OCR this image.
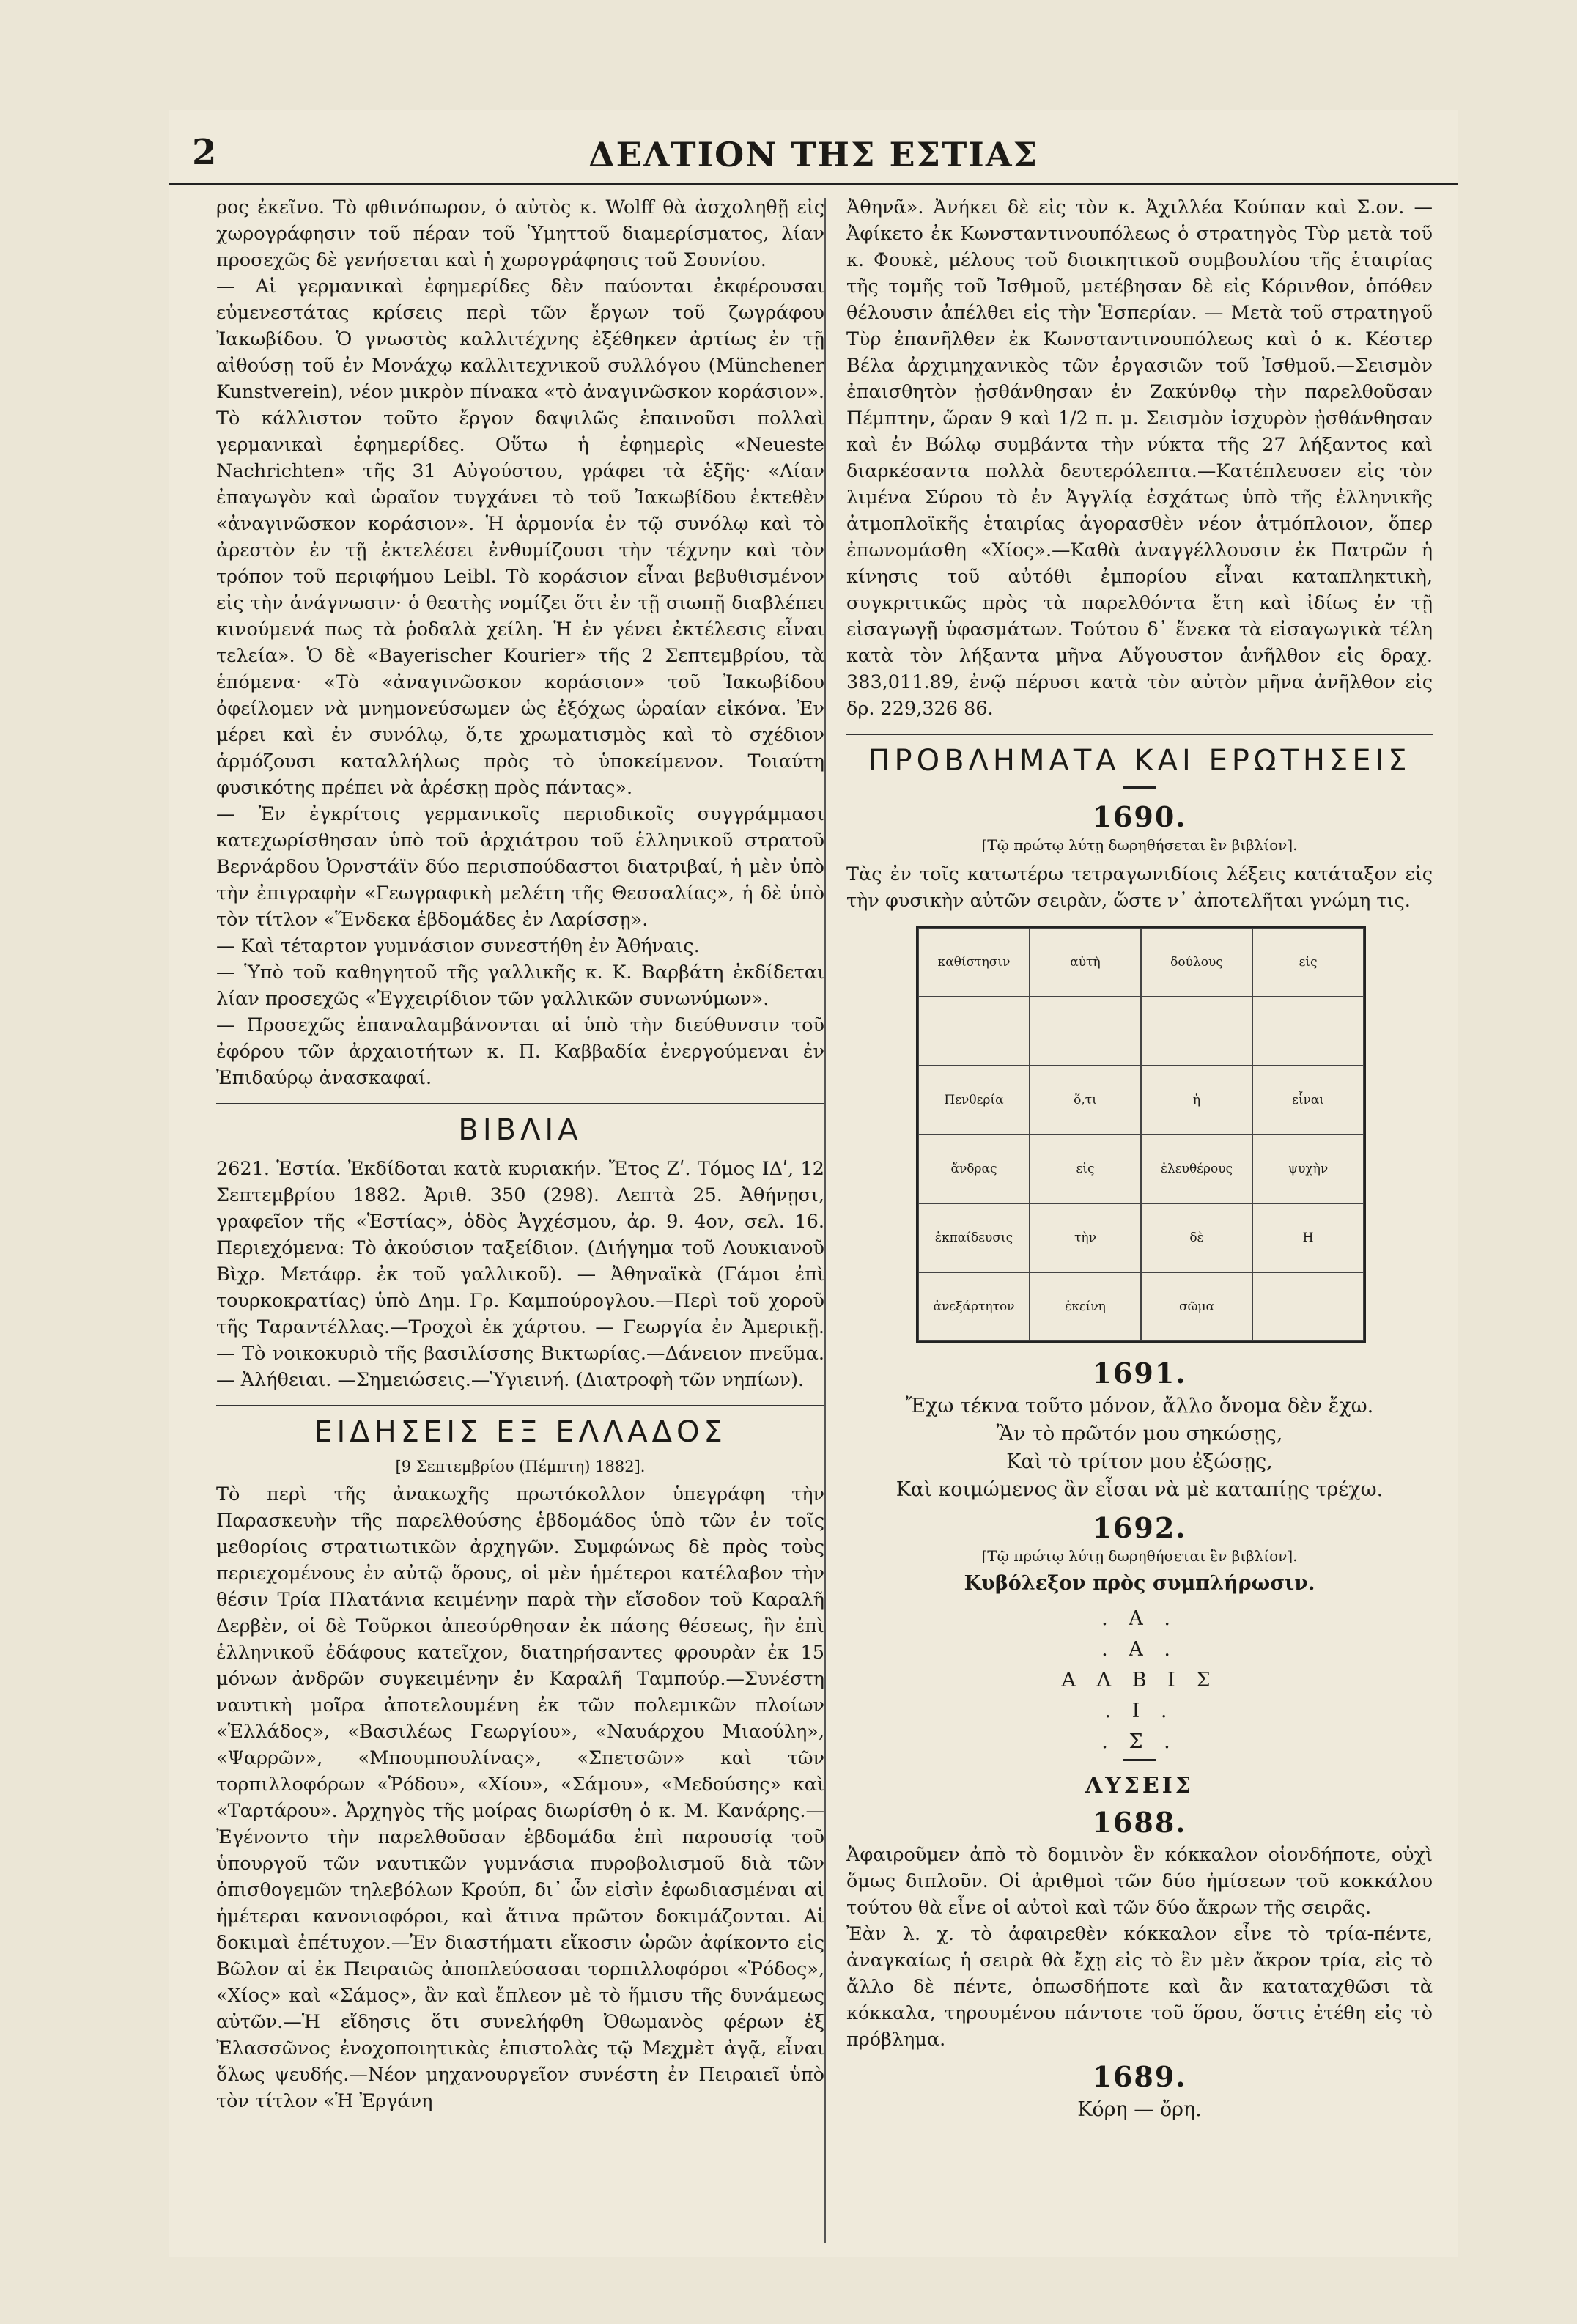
2	ΔΕΛΤΙΟΝ ΤΗΣ ΕΣΤΙΑΣ

ρος ἐκεῖνο. Τὸ φθινόπωρον, ὁ αὐτὸς κ. Wolff θὰ ἀσχοληθῇ εἰς χωρογράφησιν τοῦ πέραν τοῦ Ὑμηττοῦ διαμερίσματος, λίαν προσεχῶς δὲ γενήσεται καὶ ἡ χωρογράφησις τοῦ Σουνίου.

— Αἱ γερμανικαὶ ἐφημερίδες δὲν παύονται ἐκφέρουσαι εὐμενεστάτας κρίσεις περὶ τῶν ἔργων τοῦ ζωγράφου Ἰακωβίδου. Ὁ γνωστὸς καλλιτέχνης ἐξέθηκεν ἀρτίως ἐν τῇ αἰθούσῃ τοῦ ἐν Μονάχῳ καλλιτεχνικοῦ συλλόγου (Münchener Kunstverein), νέον μικρὸν πίνακα «τὸ ἀναγινῶσκον κοράσιον». Τὸ κάλλιστον τοῦτο ἔργον δαψιλῶς ἐπαινοῦσι πολλαὶ γερμανικαὶ ἐφημερίδες. Οὕτω ἡ ἐφημερὶς «Neueste Nachrichten» τῆς 31 Αὐγούστου, γράφει τὰ ἑξῆς· «Λίαν ἐπαγωγὸν καὶ ὡραῖον τυγχάνει τὸ τοῦ Ἰακωβίδου ἐκτεθὲν «ἀναγινῶσκον κοράσιον». Ἡ ἁρμονία ἐν τῷ συνόλῳ καὶ τὸ ἀρεστὸν ἐν τῇ ἐκτελέσει ἐνθυμίζουσι τὴν τέχνην καὶ τὸν τρόπον τοῦ περιφήμου Leibl. Τὸ κοράσιον εἶναι βεβυθισμένον εἰς τὴν ἀνάγνωσιν· ὁ θεατὴς νομίζει ὅτι ἐν τῇ σιωπῇ διαβλέπει κινούμενά πως τὰ ῥοδαλὰ χείλη. Ἡ ἐν γένει ἐκτέλεσις εἶναι τελεία». Ὁ δὲ «Bayerischer Kourier» τῆς 2 Σεπτεμβρίου, τὰ ἑπόμενα· «Τὸ «ἀναγινῶσκον κοράσιον» τοῦ Ἰακωβίδου ὀφείλομεν νὰ μνημονεύσωμεν ὡς ἐξόχως ὡραίαν εἰκόνα. Ἐν μέρει καὶ ἐν συνόλῳ, ὅ,τε χρωματισμὸς καὶ τὸ σχέδιον ἁρμόζουσι καταλλήλως πρὸς τὸ ὑποκείμενον. Τοιαύτη φυσικότης πρέπει νὰ ἀρέσκῃ πρὸς πάντας».

— Ἐν ἐγκρίτοις γερμανικοῖς περιοδικοῖς συγγράμμασι κατεχωρίσθησαν ὑπὸ τοῦ ἀρχιάτρου τοῦ ἑλληνικοῦ στρατοῦ Βερνάρδου Ὀρνστάϊν δύο περισπούδαστοι διατριβαί, ἡ μὲν ὑπὸ τὴν ἐπιγραφὴν «Γεωγραφικὴ μελέτη τῆς Θεσσαλίας», ἡ δὲ ὑπὸ τὸν τίτλον «Ἕνδεκα ἑβδομάδες ἐν Λαρίσσῃ».

— Καὶ τέταρτον γυμνάσιον συνεστήθη ἐν Ἀθήναις.

— Ὑπὸ τοῦ καθηγητοῦ τῆς γαλλικῆς κ. Κ. Βαρβάτη ἐκδίδεται λίαν προσεχῶς «Ἐγχειρίδιον τῶν γαλλικῶν συνωνύμων».

— Προσεχῶς ἐπαναλαμβάνονται αἱ ὑπὸ τὴν διεύθυνσιν τοῦ ἐφόρου τῶν ἀρχαιοτήτων κ. Π. Καββαδία ἐνεργούμεναι ἐν Ἐπιδαύρῳ ἀνασκαφαί.

ΒΙΒΛΙΑ

2621. Ἑστία. Ἐκδίδοται κατὰ κυριακήν. Ἔτος Ζʹ. Τόμος ΙΔʹ, 12 Σεπτεμβρίου 1882. Ἀριθ. 350 (298). Λεπτὰ 25. Ἀθήνῃσι, γραφεῖον τῆς «Ἑστίας», ὁδὸς Ἀγχέσμου, ἀρ. 9. 4ον, σελ. 16. Περιεχόμενα: Τὸ ἀκούσιον ταξείδιον. (Διήγημα τοῦ Λουκιανοῦ Βὶχρ. Μετάφρ. ἐκ τοῦ γαλλικοῦ). — Ἀθηναϊκὰ (Γάμοι ἐπὶ τουρκοκρατίας) ὑπὸ Δημ. Γρ. Καμπούρογλου.—Περὶ τοῦ χοροῦ τῆς Ταραντέλλας.—Τροχοὶ ἐκ χάρτου. — Γεωργία ἐν Ἀμερικῇ. — Τὸ νοικοκυριὸ τῆς βασιλίσσης Βικτωρίας.—Δάνειον πνεῦμα. — Ἀλήθειαι. —Σημειώσεις.—Ὑγιεινή. (Διατροφὴ τῶν νηπίων).

ΕΙΔΗΣΕΙΣ ΕΞ ΕΛΛΑΔΟΣ
[9 Σεπτεμβρίου (Πέμπτη) 1882].

Τὸ περὶ τῆς ἀνακωχῆς πρωτόκολλον ὑπεγράφη τὴν Παρασκευὴν τῆς παρελθούσης ἑβδομάδος ὑπὸ τῶν ἐν τοῖς μεθορίοις στρατιωτικῶν ἀρχηγῶν. Συμφώνως δὲ πρὸς τοὺς περιεχομένους ἐν αὐτῷ ὅρους, οἱ μὲν ἡμέτεροι κατέλαβον τὴν θέσιν Τρία Πλατάνια κειμένην παρὰ τὴν εἴσοδον τοῦ Καραλῆ Δερβὲν, οἱ δὲ Τοῦρκοι ἀπεσύρθησαν ἐκ πάσης θέσεως, ἣν ἐπὶ ἑλληνικοῦ ἐδάφους κατεῖχον, διατηρήσαντες φρουρὰν ἐκ 15 μόνων ἀνδρῶν συγκειμένην ἐν Καραλῆ Ταμπούρ.—Συνέστη ναυτικὴ μοῖρα ἀποτελουμένη ἐκ τῶν πολεμικῶν πλοίων «Ἑλλάδος», «Βασιλέως Γεωργίου», «Ναυάρχου Μιαούλη», «Ψαρρῶν», «Μπουμπουλίνας», «Σπετσῶν» καὶ τῶν τορπιλλοφόρων «Ῥόδου», «Χίου», «Σάμου», «Μεδούσης» καὶ «Ταρτάρου». Ἀρχηγὸς τῆς μοίρας διωρίσθη ὁ κ. Μ. Κανάρης.—Ἐγένοντο τὴν παρελθοῦσαν ἑβδομάδα ἐπὶ παρουσίᾳ τοῦ ὑπουργοῦ τῶν ναυτικῶν γυμνάσια πυροβολισμοῦ διὰ τῶν ὀπισθογεμῶν τηλεβόλων Κρούπ, δι᾽ ὧν εἰσὶν ἐφωδιασμέναι αἱ ἡμέτεραι κανονιοφόροι, καὶ ἅτινα πρῶτον δοκιμάζονται. Αἱ δοκιμαὶ ἐπέτυχον.—Ἐν διαστήματι εἴκοσιν ὡρῶν ἀφίκοντο εἰς Βῶλον αἱ ἐκ Πειραιῶς ἀποπλεύσασαι τορπιλλοφόροι «Ῥόδος», «Χίος» καὶ «Σάμος», ἂν καὶ ἔπλεον μὲ τὸ ἥμισυ τῆς δυνάμεως αὐτῶν.—Ἡ εἴδησις ὅτι συνελήφθη Ὀθωμανὸς φέρων ἐξ Ἐλασσῶνος ἐνοχοποιητικὰς ἐπιστολὰς τῷ Μεχμὲτ ἀγᾷ, εἶναι ὅλως ψευδής.—Νέον μηχανουργεῖον συνέστη ἐν Πειραιεῖ ὑπὸ τὸν τίτλον «Ἡ Ἐργάνη

Ἀθηνᾶ». Ἀνήκει δὲ εἰς τὸν κ. Ἀχιλλέα Κούπαν καὶ Σ.ον. —Ἀφίκετο ἐκ Κωνσταντινουπόλεως ὁ στρατηγὸς Τὺρ μετὰ τοῦ κ. Φουκὲ, μέλους τοῦ διοικητικοῦ συμβουλίου τῆς ἑταιρίας τῆς τομῆς τοῦ Ἰσθμοῦ, μετέβησαν δὲ εἰς Κόρινθον, ὁπόθεν θέλουσιν ἀπέλθει εἰς τὴν Ἑσπερίαν. — Μετὰ τοῦ στρατηγοῦ Τὺρ ἐπανῆλθεν ἐκ Κωνσταντινουπόλεως καὶ ὁ κ. Κέστερ Βέλα ἀρχιμηχανικὸς τῶν ἐργασιῶν τοῦ Ἰσθμοῦ.—Σεισμὸν ἐπαισθητὸν ᾐσθάνθησαν ἐν Ζακύνθῳ τὴν παρελθοῦσαν Πέμπτην, ὥραν 9 καὶ 1/2 π. μ. Σεισμὸν ἰσχυρὸν ᾐσθάνθησαν καὶ ἐν Βώλῳ συμβάντα τὴν νύκτα τῆς 27 λήξαντος καὶ διαρκέσαντα πολλὰ δευτερόλεπτα.—Κατέπλευσεν εἰς τὸν λιμένα Σύρου τὸ ἐν Ἀγγλίᾳ ἐσχάτως ὑπὸ τῆς ἑλληνικῆς ἀτμοπλοϊκῆς ἑταιρίας ἀγορασθὲν νέον ἀτμόπλοιον, ὅπερ ἐπωνομάσθη «Χίος».—Καθὰ ἀναγγέλλουσιν ἐκ Πατρῶν ἡ κίνησις τοῦ αὐτόθι ἐμπορίου εἶναι καταπληκτικὴ, συγκριτικῶς πρὸς τὰ παρελθόντα ἔτη καὶ ἰδίως ἐν τῇ εἰσαγωγῇ ὑφασμάτων. Τούτου δ᾽ ἕνεκα τὰ εἰσαγωγικὰ τέλη κατὰ τὸν λήξαντα μῆνα Αὔγουστον ἀνῆλθον εἰς δραχ. 383,011.89, ἐνῷ πέρυσι κατὰ τὸν αὐτὸν μῆνα ἀνῆλθον εἰς δρ. 229,326 86.

ΠΡΟΒΛΗΜΑΤΑ ΚΑΙ ΕΡΩΤΗΣΕΙΣ
1690.
[Τῷ πρώτῳ λύτῃ δωρηθήσεται ἓν βιβλίον].

Τὰς ἐν τοῖς κατωτέρω τετραγωνιδίοις λέξεις κατάταξον εἰς τὴν φυσικὴν αὐτῶν σειρὰν, ὥστε ν᾽ ἀποτελῆται γνώμη τις.

καθίστησιν	αὐτὴ	δούλους	εἰς
Πενθερία	ὅ,τι	ἡ	εἶναι
ἄνδρας	εἰς	ἐλευθέρους	ψυχὴν
ἐκπαίδευσις	τὴν	δὲ	Η
ἀνεξάρτητον	ἐκείνη	σῶμα
1691.
Ἔχω τέκνα τοῦτο μόνον, ἄλλο ὄνομα δὲν ἔχω.
Ἂν τὸ πρῶτόν μου σηκώσῃς,
Καὶ τὸ τρίτον μου ἐξώσῃς,
Καὶ κοιμώμενος ἂν εἶσαι νὰ μὲ καταπίῃς τρέχω.
1692.
[Τῷ πρώτῳ λύτῃ δωρηθήσεται ἓν βιβλίον].
Κυβόλεξον πρὸς συμπλήρωσιν.
. Α .
. Α .
Α Λ Β Ι Σ
. Ι .
. Σ .
ΛΥΣΕΙΣ
1688.

Ἀφαιροῦμεν ἀπὸ τὸ δομινὸν ἓν κόκκαλον οἱονδήποτε, οὐχὶ ὅμως διπλοῦν. Οἱ ἀριθμοὶ τῶν δύο ἡμίσεων τοῦ κοκκάλου τούτου θὰ εἶνε οἱ αὐτοὶ καὶ τῶν δύο ἄκρων τῆς σειρᾶς.

Ἐὰν λ. χ. τὸ ἀφαιρεθὲν κόκκαλον εἶνε τὸ τρία-πέντε, ἀναγκαίως ἡ σειρὰ θὰ ἔχῃ εἰς τὸ ἓν μὲν ἄκρον τρία, εἰς τὸ ἄλλο δὲ πέντε, ὁπωσδήποτε καὶ ἂν καταταχθῶσι τὰ κόκκαλα, τηρουμένου πάντοτε τοῦ ὅρου, ὅστις ἐτέθη εἰς τὸ πρόβλημα.

1689.
Κόρη — ὄρη.
